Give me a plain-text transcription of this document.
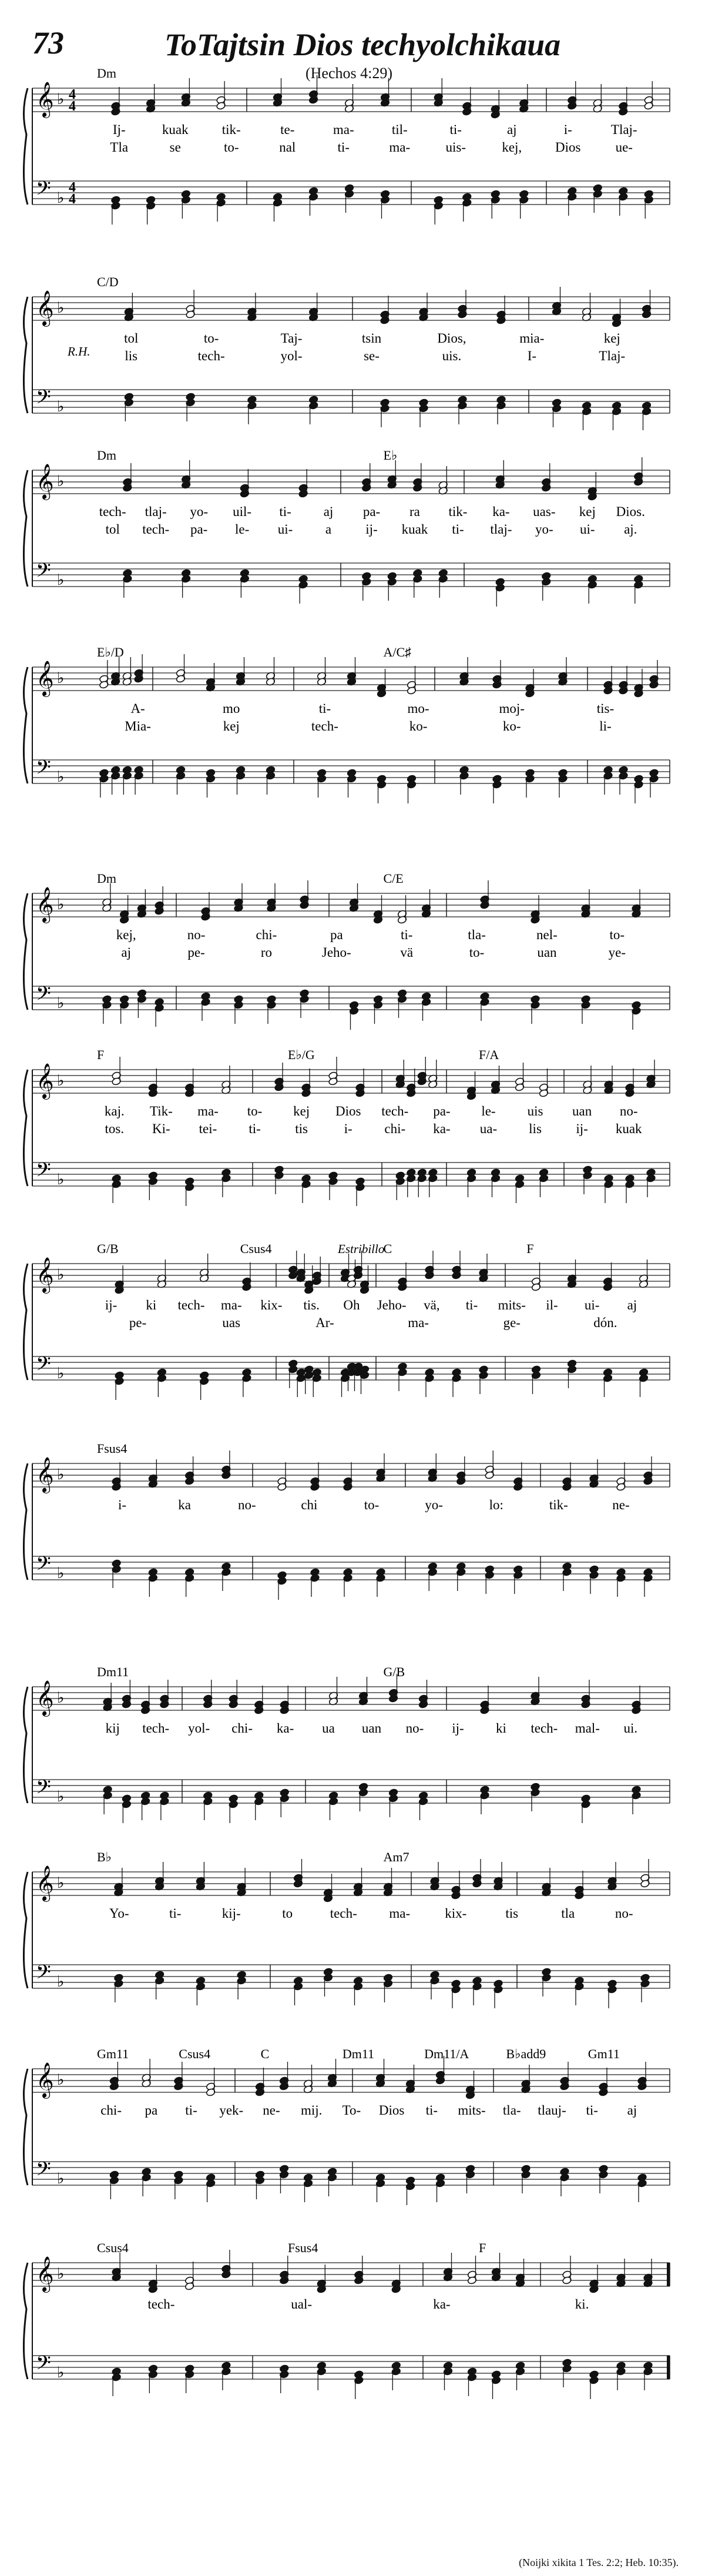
73	ToTajtsin Dios techyolchikaua
(Hechos 4:29)
𝄞
𝄢
♭
♭
4
4
4
4
𝄞
𝄢
♭
♭
𝄞
𝄢
♭
♭
𝄞
𝄢
♭
♭
𝄞
𝄢
♭
♭
𝄞
𝄢
♭
♭
𝄞
𝄢
♭
♭
𝄞
𝄢
♭
♭
𝄞
𝄢
♭
♭
𝄞
𝄢
♭
♭
𝄞
𝄢
♭
♭
𝄞
𝄢
♭
♭
Dm
Ij-	kuak tik-	te-	ma-	til-	ti-	aj	i-	Tlaj-
Tla	se	to-	nal	ti-	ma-	uis-	kej, Dios	ue-
C/D
R.H.
tol	to-	Taj-	tsin	Dios,	mia-	kej
lis	tech-	yol-	se-	uis.	I-	Tlaj-
Dm	E♭
tech- tlaj- yo- uil- ti- aj pa- ra tik- ka- uas- kej Dios.
tol tech- pa- le- ui- a	ij- kuak ti- tlaj- yo- ui- aj.
E♭/D	A/C♯
A-	mo	ti-	mo-	moj-	tis-
Mia-	kej	tech-	ko-	ko-	li-
Dm	C/E
kej,	no-	chi-	pa	ti-	tla-	nel-	to-
aj	pe-	ro	Jeho-	vä	to-	uan	ye-
F	E♭/G	F/A
kaj. Tik- ma- to- kej Dios tech- pa- le- uis uan no-
tos. Ki- tei- ti-	tis	i- chi- ka- ua- lis	ij- kuak
G/B	Csus4	C	F
Estribillo
ij- ki tech- ma- kix- tis. Oh Jeho- vä, ti- mits- il- ui- aj
pe-	uas	Ar-	ma-	ge-	dón.
Fsus4
i-	ka	no-	chi	to-	yo-	lo:	tik-	ne-
Dm11	G/B
kij tech- yol- chi- ka- ua uan no- ij- ki tech- mal- ui.
B♭	Am7
Yo-	ti-	kij-	to	tech- ma-	kix-	tis	tla	no-
Gm11	Csus4	C	Dm11	Dm11/A	B♭add9	Gm11
chi- pa ti- yek- ne- mij. To- Dios ti- mits- tla- tlauj- ti- aj
Csus4	Fsus4	F
tech-	ual-	ka-	ki.
(Noijki xikita 1 Tes. 2:2; Heb. 10:35).
